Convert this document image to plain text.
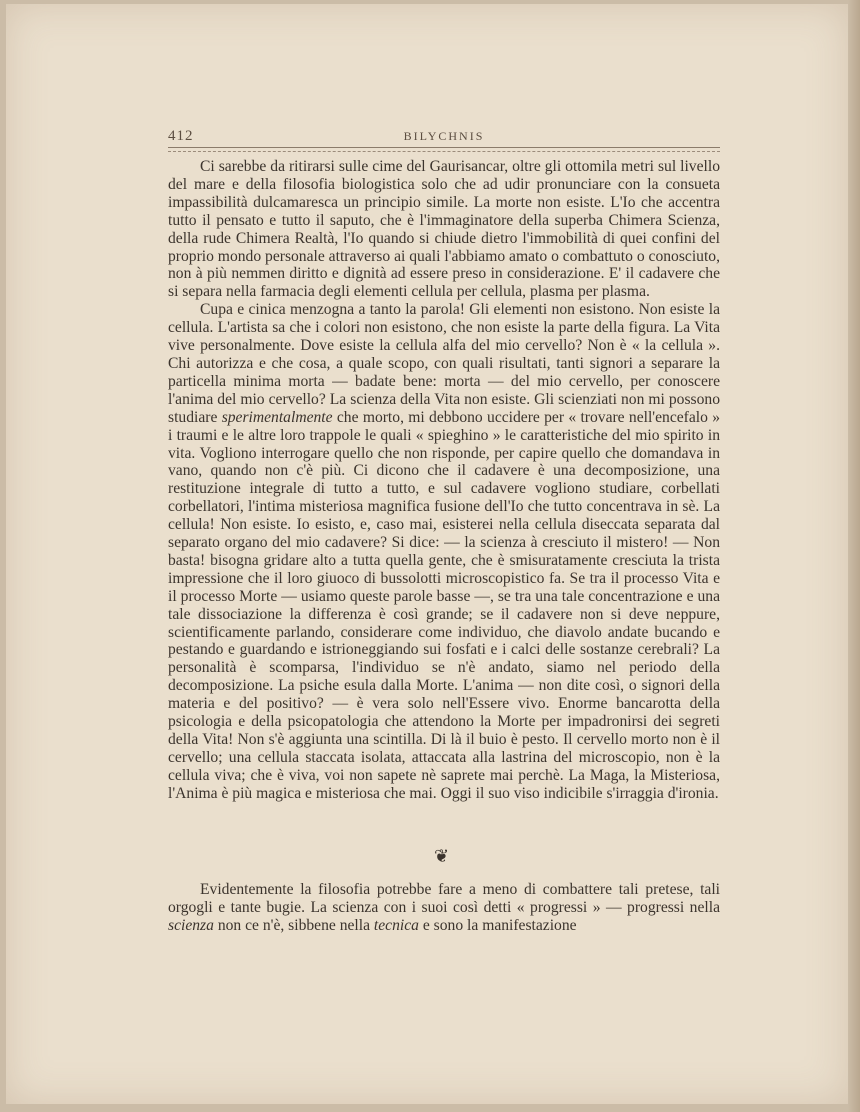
412	BILYCHNIS

Ci sarebbe da ritirarsi sulle cime del Gaurisancar, oltre gli ottomila metri sul livello del mare e della filosofia biologistica solo che ad udir pronunciare con la consueta impassibilità dulcamaresca un principio simile. La morte non esiste. L'Io che accentra tutto il pensato e tutto il saputo, che è l'immaginatore della superba Chimera Scienza, della rude Chimera Realtà, l'Io quando si chiude dietro l'immobilità di quei confini del proprio mondo personale attraverso ai quali l'abbiamo amato o combattuto o conosciuto, non à più nemmen diritto e dignità ad essere preso in considerazione. E' il cadavere che si separa nella farmacia degli elementi cellula per cellula, plasma per plasma.

Cupa e cinica menzogna a tanto la parola! Gli elementi non esistono. Non esiste la cellula. L'artista sa che i colori non esistono, che non esiste la parte della figura. La Vita vive personalmente. Dove esiste la cellula alfa del mio cervello? Non è « la cellula ». Chi autorizza e che cosa, a quale scopo, con quali risultati, tanti signori a separare la particella minima morta — badate bene: morta — del mio cervello, per conoscere l'anima del mio cervello? La scienza della Vita non esiste. Gli scienziati non mi possono studiare sperimentalmente che morto, mi debbono uccidere per « trovare nell'encefalo » i traumi e le altre loro trappole le quali « spieghino » le caratteristiche del mio spirito in vita. Vogliono interrogare quello che non risponde, per capire quello che domandava in vano, quando non c'è più. Ci dicono che il cadavere è una decomposizione, una restituzione integrale di tutto a tutto, e sul cadavere vogliono studiare, corbellati corbellatori, l'intima misteriosa magnifica fusione dell'Io che tutto concentrava in sè. La cellula! Non esiste. Io esisto, e, caso mai, esisterei nella cellula diseccata separata dal separato organo del mio cadavere? Si dice: — la scienza à cresciuto il mistero! — Non basta! bisogna gridare alto a tutta quella gente, che è smisuratamente cresciuta la trista impressione che il loro giuoco di bussolotti microscopistico fa. Se tra il processo Vita e il processo Morte — usiamo queste parole basse —, se tra una tale concentrazione e una tale dissociazione la differenza è così grande; se il cadavere non si deve neppure, scientificamente parlando, considerare come individuo, che diavolo andate bucando e pestando e guardando e istrioneggiando sui fosfati e i calci delle sostanze cerebrali? La personalità è scomparsa, l'individuo se n'è andato, siamo nel periodo della decomposizione. La psiche esula dalla Morte. L'anima — non dite così, o signori della materia e del positivo? — è vera solo nell'Essere vivo. Enorme bancarotta della psicologia e della psicopatologia che attendono la Morte per impadronirsi dei segreti della Vita! Non s'è aggiunta una scintilla. Di là il buio è pesto. Il cervello morto non è il cervello; una cellula staccata isolata, attaccata alla lastrina del microscopio, non è la cellula viva; che è viva, voi non sapete nè saprete mai perchè. La Maga, la Misteriosa, l'Anima è più magica e misteriosa che mai. Oggi il suo viso indicibile s'irraggia d'ironia.

❦

Evidentemente la filosofia potrebbe fare a meno di combattere tali pretese, tali orgogli e tante bugie. La scienza con i suoi così detti « progressi » — progressi nella scienza non ce n'è, sibbene nella tecnica e sono la manifestazione
